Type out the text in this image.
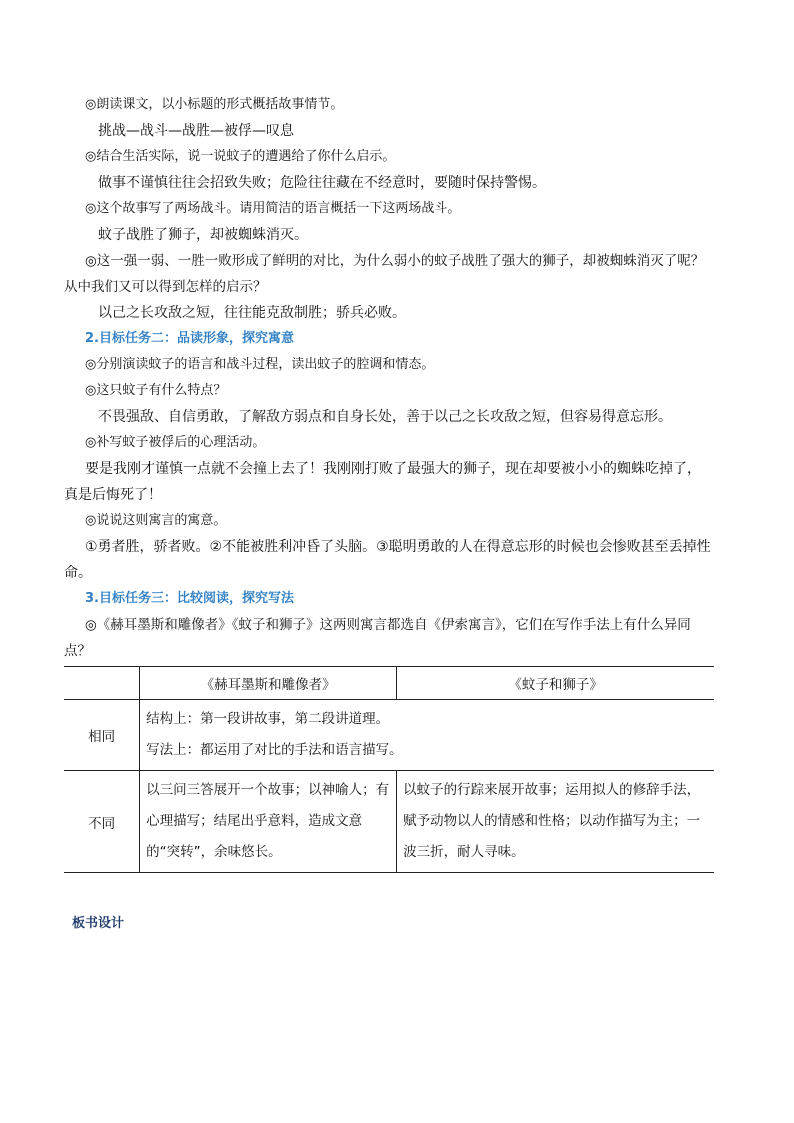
◎朗读课文，以小标题的形式概括故事情节。

挑战—战斗—战胜—被俘—叹息

◎结合生活实际，说一说蚊子的遭遇给了你什么启示。

做事不谨慎往往会招致失败；危险往往藏在不经意时，要随时保持警惕。

◎这个故事写了两场战斗。请用简洁的语言概括一下这两场战斗。

蚊子战胜了狮子，却被蜘蛛消灭。

◎这一强一弱、一胜一败形成了鲜明的对比，为什么弱小的蚊子战胜了强大的狮子，却被蜘蛛消灭了呢？从中我们又可以得到怎样的启示？

以己之长攻敌之短，往往能克敌制胜；骄兵必败。

2.目标任务二：品读形象，探究寓意

◎分别演读蚊子的语言和战斗过程，读出蚊子的腔调和情态。

◎这只蚊子有什么特点？

不畏强敌、自信勇敢，了解敌方弱点和自身长处，善于以己之长攻敌之短，但容易得意忘形。

◎补写蚊子被俘后的心理活动。

要是我刚才谨慎一点就不会撞上去了！我刚刚打败了最强大的狮子，现在却要被小小的蜘蛛吃掉了，真是后悔死了！

◎说说这则寓言的寓意。

①勇者胜，骄者败。②不能被胜利冲昏了头脑。③聪明勇敢的人在得意忘形的时候也会惨败甚至丢掉性命。

3.目标任务三：比较阅读，探究写法

◎《赫耳墨斯和雕像者》《蚊子和狮子》这两则寓言都选自《伊索寓言》，它们在写作手法上有什么异同点？

	《赫耳墨斯和雕像者》	《蚊子和狮子》
相同	结构上：第一段讲故事，第二段讲道理。
写法上：都运用了对比的手法和语言描写。	

不同	以三问三答展开一个故事；以神喻人；有心理描写；结尾出乎意料，造成文意的“突转”，余味悠长。	以蚊子的行踪来展开故事；运用拟人的修辞手法，赋予动物以人的情感和性格；以动作描写为主；一波三折，耐人寻味。
板书设计
